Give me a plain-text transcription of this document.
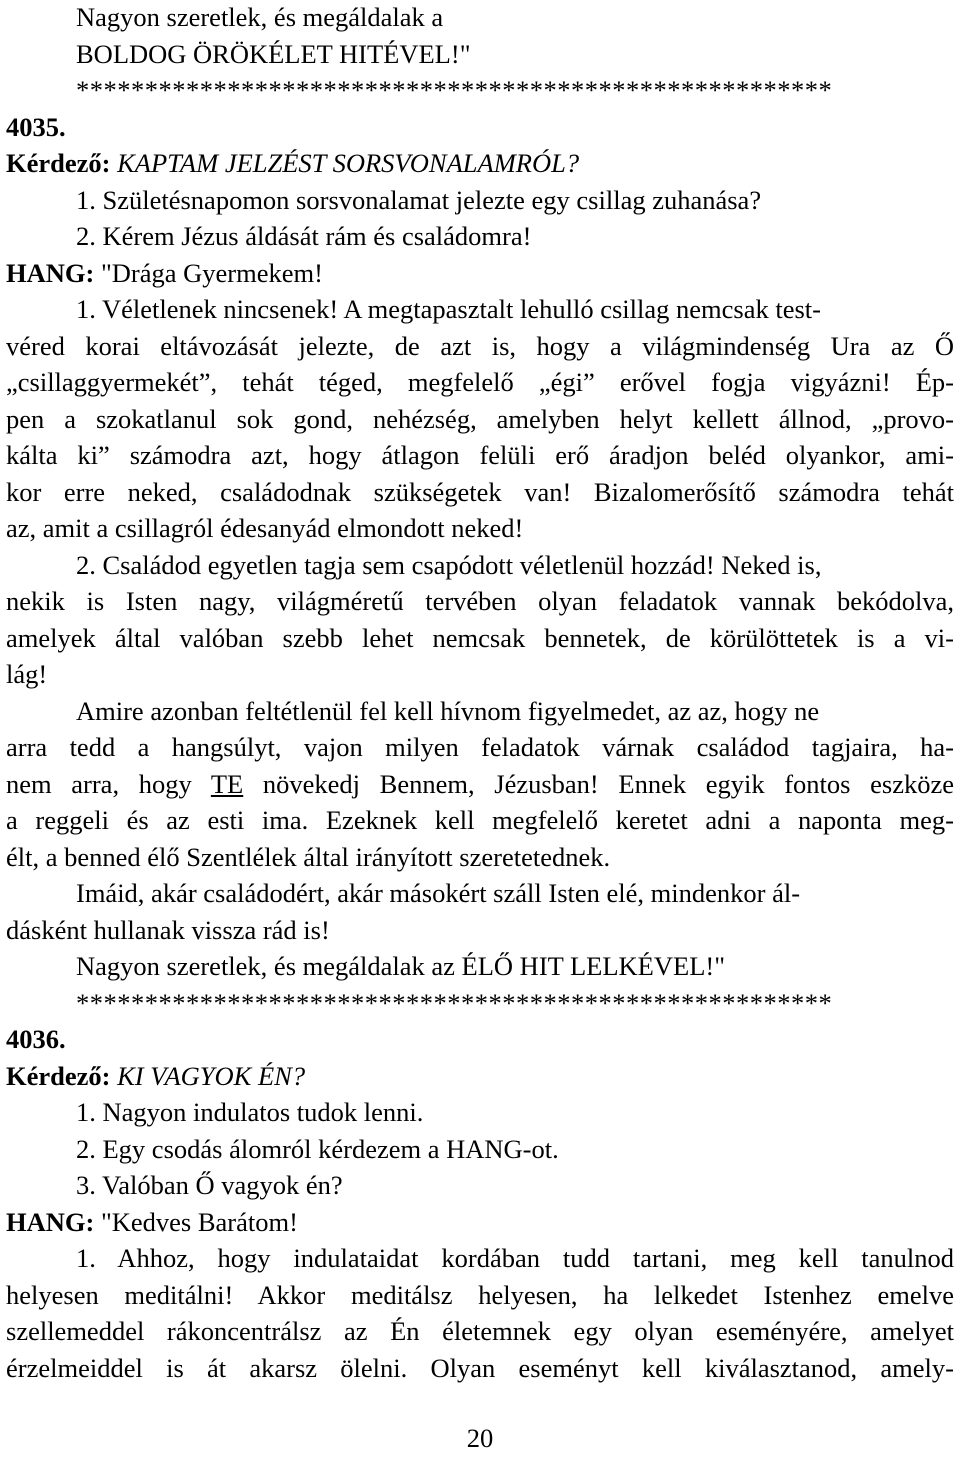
Nagyon szeretlek, és megáldalak a
BOLDOG ÖRÖKÉLET HITÉVEL!"
*******************************************************
4035.
Kérdező: KAPTAM JELZÉST SORSVONALAMRÓL?
1. Születésnapomon sorsvonalamat jelezte egy csillag zuhanása?
2. Kérem Jézus áldását rám és családomra!
HANG: "Drága Gyermekem!
1. Véletlenek nincsenek! A megtapasztalt lehulló csillag nemcsak test-
véred korai eltávozását jelezte, de azt is, hogy a világmindenség Ura az Ő
„csillaggyermekét”, tehát téged, megfelelő „égi” erővel fogja vigyázni! Ép-
pen a szokatlanul sok gond, nehézség, amelyben helyt kellett állnod, „provo-
kálta ki” számodra azt, hogy átlagon felüli erő áradjon beléd olyankor, ami-
kor erre neked, családodnak szükségetek van! Bizalomerősítő számodra tehát
az, amit a csillagról édesanyád elmondott neked!
2. Családod egyetlen tagja sem csapódott véletlenül hozzád! Neked is,
nekik is Isten nagy, világméretű tervében olyan feladatok vannak bekódolva,
amelyek által valóban szebb lehet nemcsak bennetek, de körülöttetek is a vi-
lág!
Amire azonban feltétlenül fel kell hívnom figyelmedet, az az, hogy ne
arra tedd a hangsúlyt, vajon milyen feladatok várnak családod tagjaira, ha-
nem arra, hogy TE növekedj Bennem, Jézusban! Ennek egyik fontos eszköze
a reggeli és az esti ima. Ezeknek kell megfelelő keretet adni a naponta meg-
élt, a benned élő Szentlélek által irányított szeretetednek.
Imáid, akár családodért, akár másokért száll Isten elé, mindenkor ál-
dásként hullanak vissza rád is!
Nagyon szeretlek, és megáldalak az ÉLŐ HIT LELKÉVEL!"
*******************************************************
4036.
Kérdező: KI VAGYOK ÉN?
1. Nagyon indulatos tudok lenni.
2. Egy csodás álomról kérdezem a HANG-ot.
3. Valóban Ő vagyok én?
HANG: "Kedves Barátom!
1. Ahhoz, hogy indulataidat kordában tudd tartani, meg kell tanulnod
helyesen meditálni! Akkor meditálsz helyesen, ha lelkedet Istenhez emelve
szellemeddel rákoncentrálsz az Én életemnek egy olyan eseményére, amelyet
érzelmeiddel is át akarsz ölelni. Olyan eseményt kell kiválasztanod, amely-
20
